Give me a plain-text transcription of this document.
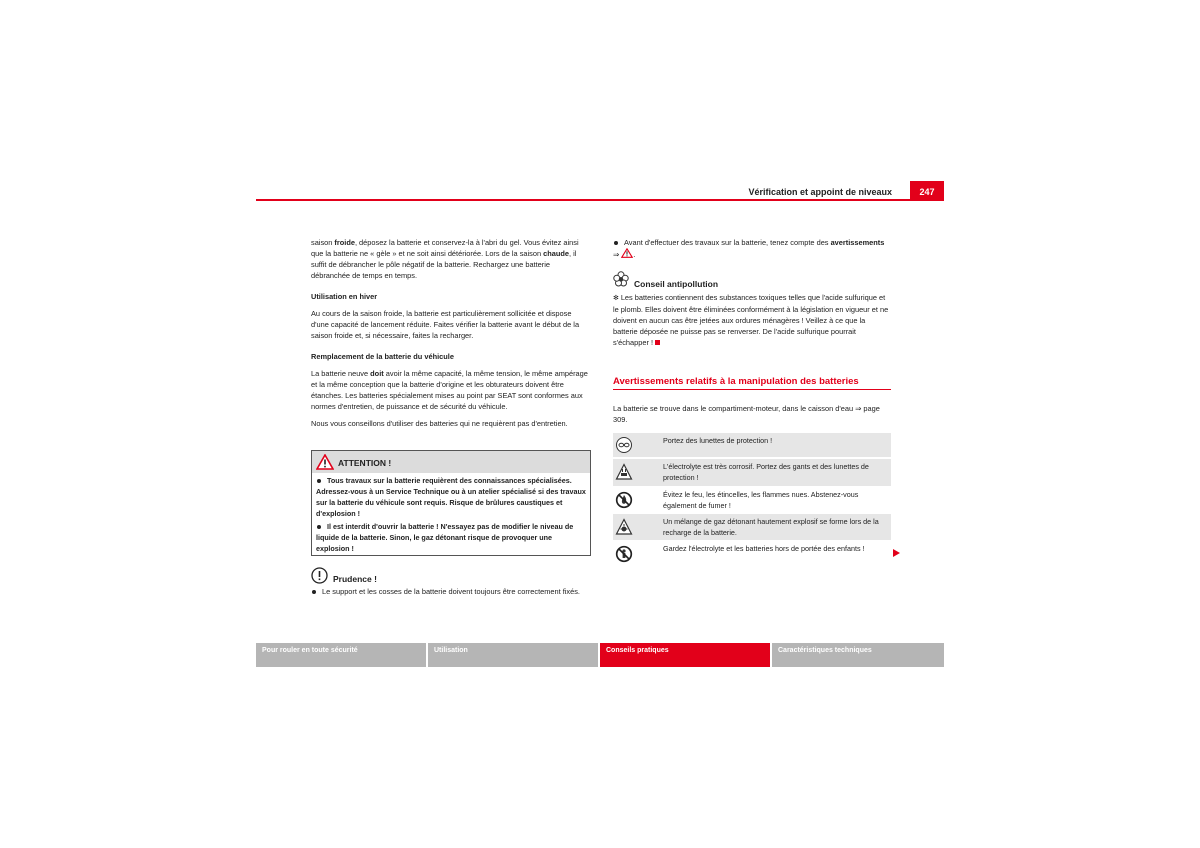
Vérification et appoint de niveaux	247

saison froide, déposez la batterie et conservez-la à l'abri du gel. Vous évitez ainsi que la batterie ne « gèle » et ne soit ainsi détériorée. Lors de la saison chaude, il suffit de débrancher le pôle négatif de la batterie. Rechargez une batterie débranchée de temps en temps.

Utilisation en hiver

Au cours de la saison froide, la batterie est particulièrement sollicitée et dispose d'une capacité de lancement réduite. Faites vérifier la batterie avant le début de la saison froide et, si nécessaire, faites la recharger.

Remplacement de la batterie du véhicule

La batterie neuve doit avoir la même capacité, la même tension, le même ampérage et la même conception que la batterie d'origine et les obturateurs doivent être étanches. Les batteries spécialement mises au point par SEAT sont conformes aux normes d'entretien, de puissance et de sécurité du véhicule.

Nous vous conseillons d'utiliser des batteries qui ne requièrent pas d'entretien.

ATTENTION !

Tous travaux sur la batterie requièrent des connaissances spécialisées. Adressez-vous à un Service Technique ou à un atelier spécialisé si des travaux sur la batterie du véhicule sont requis. Risque de brûlures caustiques et d'explosion !

Il est interdit d'ouvrir la batterie ! N'essayez pas de modifier le niveau de liquide de la batterie. Sinon, le gaz détonant risque de provoquer une explosion !

Prudence !
Le support et les cosses de la batterie doivent toujours être correctement fixés.
Avant d'effectuer des travaux sur la batterie, tenez compte des avertissements ⇒ .
Conseil antipollution
✻ Les batteries contiennent des substances toxiques telles que l'acide sulfurique et le plomb. Elles doivent être éliminées conformément à la législation en vigueur et ne doivent en aucun cas être jetées aux ordures ménagères ! Veillez à ce que la batterie déposée ne puisse pas se renverser. De l'acide sulfurique pourrait s'échapper !
Avertissements relatifs à la manipulation des batteries
La batterie se trouve dans le compartiment-moteur, dans le caisson d'eau ⇒ page 309.
Portez des lunettes de protection !
L'électrolyte est très corrosif. Portez des gants et des lunettes de protection !
Évitez le feu, les étincelles, les flammes nues. Abstenez-vous également de fumer !
Un mélange de gaz détonant hautement explosif se forme lors de la recharge de la batterie.
Gardez l'électrolyte et les batteries hors de portée des enfants !
Pour rouler en toute sécurité	Utilisation	Conseils pratiques	Caractéristiques techniques
